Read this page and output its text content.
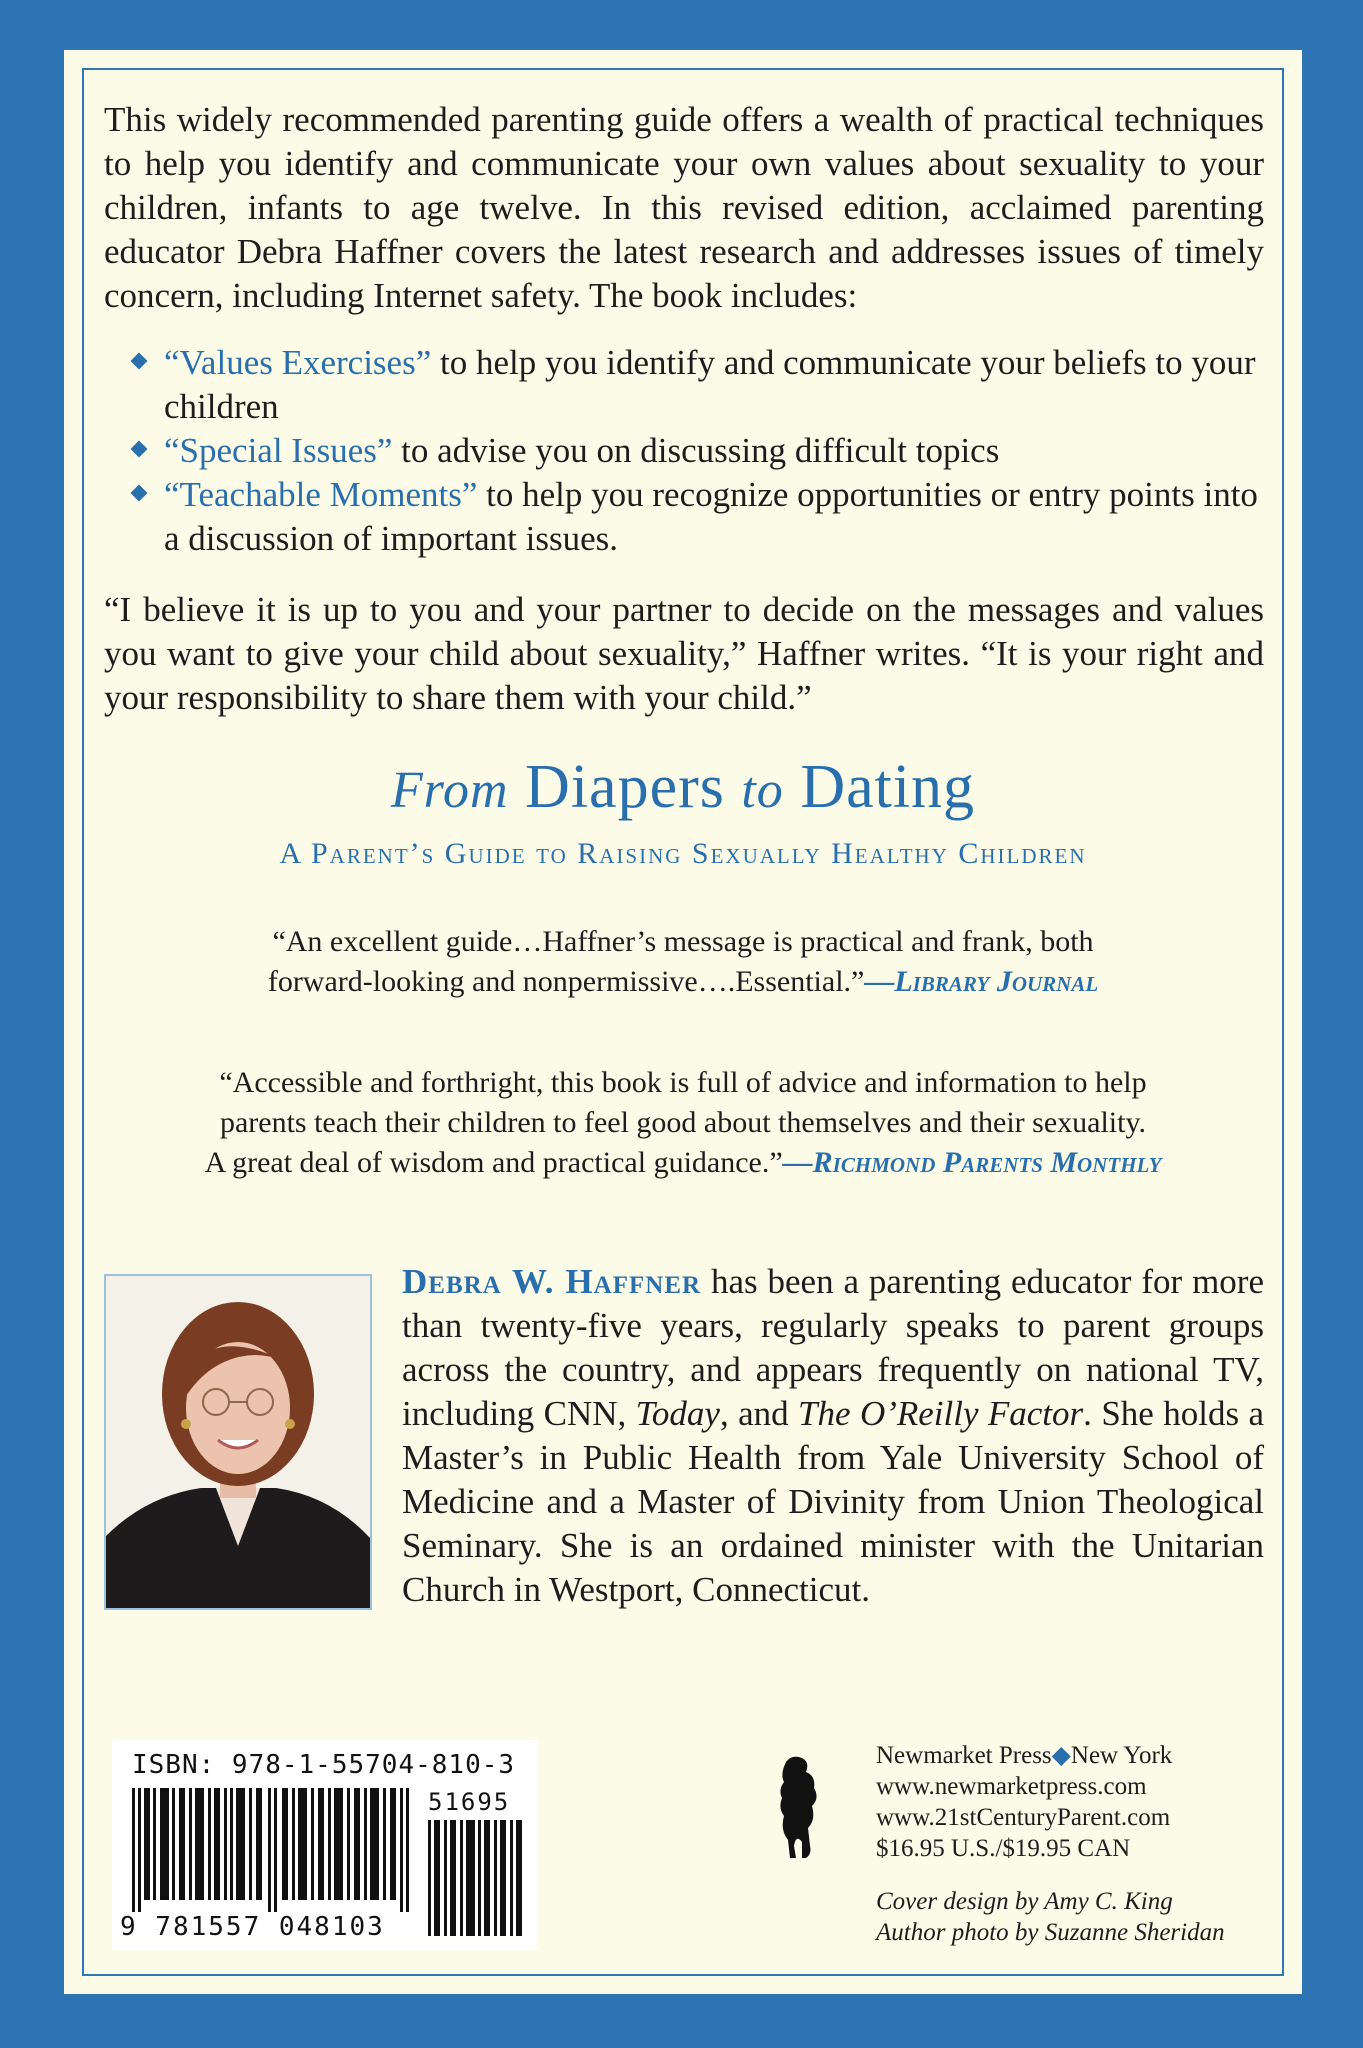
This widely recommended parenting guide offers a wealth of practical techniques to help you identify and communicate your own values about sexuality to your children, infants to age twelve. In this revised edition, acclaimed parenting educator Debra Haffner covers the latest research and addresses issues of timely concern, including Internet safety. The book includes:

“Values Exercises” to help you identify and communicate your beliefs to your children
“Special Issues” to advise you on discussing difficult topics
“Teachable Moments” to help you recognize opportunities or entry points into a discussion of important issues.

“I believe it is up to you and your partner to decide on the messages and values you want to give your child about sexuality,” Haffner writes. “It is your right and your responsibility to share them with your child.”

From Diapers to Dating
A Parent’s Guide to Raising Sexually Healthy Children

“An excellent guide…Haffner’s message is practical and frank, both
forward-looking and nonpermissive….Essential.”—Library Journal

“Accessible and forthright, this book is full of advice and information to help
parents teach their children to feel good about themselves and their sexuality.
A great deal of wisdom and practical guidance.”—Richmond Parents Monthly

Debra W. Haffner has been a parenting educator for more than twenty-five years, regularly speaks to parent groups across the country, and appears frequently on national TV, including CNN, Today, and The O’Reilly Factor. She holds a Master’s in Public Health from Yale University School of Medicine and a Master of Divinity from Union Theological Seminary. She is an ordained minister with the Unitarian Church in Westport, Connecticut.

ISBN: 978-1-55704-810-3
51695
9 781557 048103

Newmarket Press◆New York
www.newmarketpress.com
www.21stCenturyParent.com
$16.95 U.S./$19.95 CAN

Cover design by Amy C. King
Author photo by Suzanne Sheridan
